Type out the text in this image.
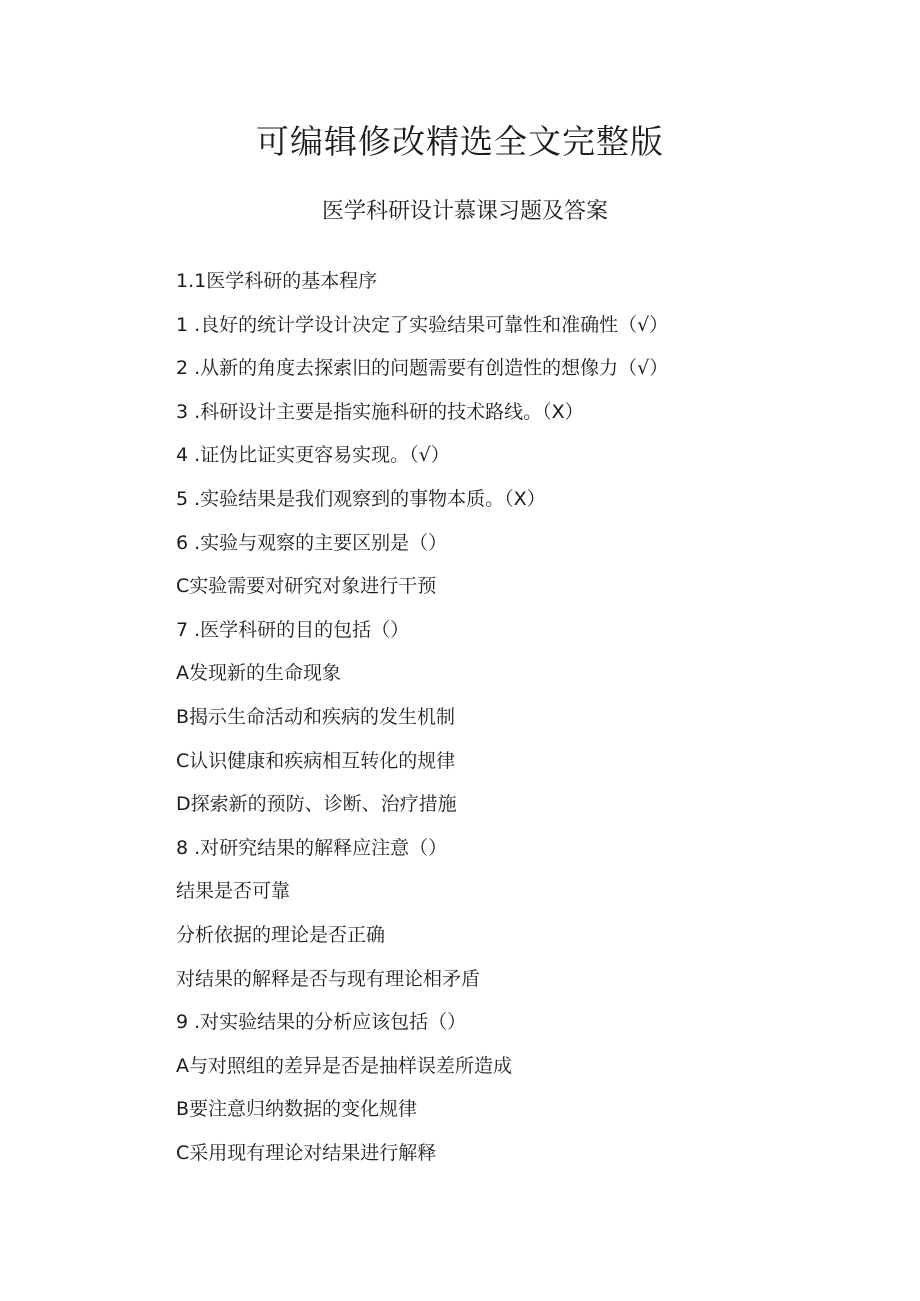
可编辑修改精选全文完整版
医学科研设计慕课习题及答案
1.1医学科研的基本程序
1 .良好的统计学设计决定了实验结果可靠性和准确性（√）
2 .从新的角度去探索旧的问题需要有创造性的想像力（√）
3 .科研设计主要是指实施科研的技术路线。（X）
4 .证伪比证实更容易实现。（√）
5 .实验结果是我们观察到的事物本质。（X）
6 .实验与观察的主要区别是（）
C实验需要对研究对象进行干预
7 .医学科研的目的包括（）
A发现新的生命现象
B揭示生命活动和疾病的发生机制
C认识健康和疾病相互转化的规律
D探索新的预防、诊断、治疗措施
8 .对研究结果的解释应注意（）
结果是否可靠
分析依据的理论是否正确
对结果的解释是否与现有理论相矛盾
9 .对实验结果的分析应该包括（）
A与对照组的差异是否是抽样误差所造成
B要注意归纳数据的变化规律
C采用现有理论对结果进行解释
